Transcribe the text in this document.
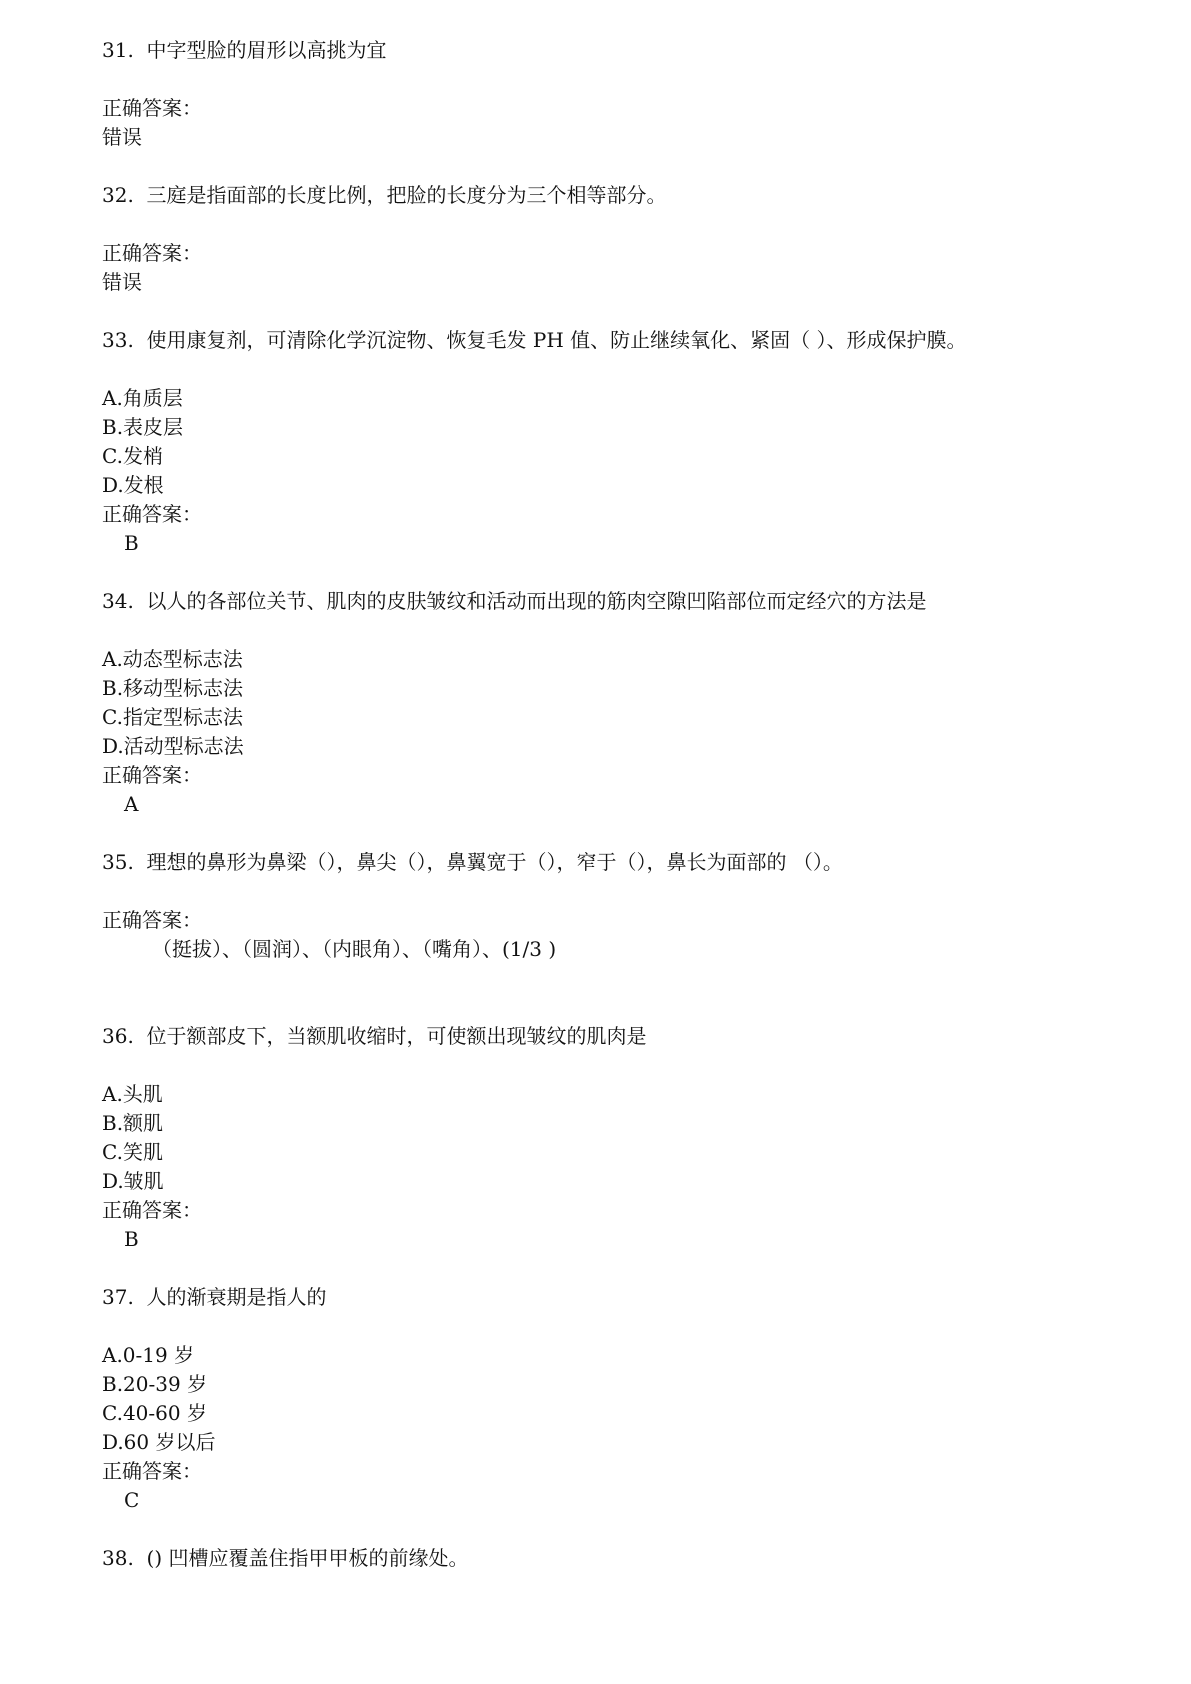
31.  中字型脸的眉形以高挑为宜
正确答案：
错误
32.  三庭是指面部的长度比例，把脸的长度分为三个相等部分。
正确答案：
错误
33.  使用康复剂，可清除化学沉淀物、恢复毛发 PH 值、防止继续氧化、紧固（ ）、形成保护膜。
A.角质层
B.表皮层
C.发梢
D.发根
正确答案：
B
34.  以人的各部位关节、肌肉的皮肤皱纹和活动而出现的筋肉空隙凹陷部位而定经穴的方法是
A.动态型标志法
B.移动型标志法
C.指定型标志法
D.活动型标志法
正确答案：
A
35.  理想的鼻形为鼻梁（），鼻尖（），鼻翼宽于（），窄于（），鼻长为面部的 （）。
正确答案：
（挺拔）、（圆润）、（内眼角）、（嘴角）、(1/3 )
36.  位于额部皮下，当额肌收缩时，可使额出现皱纹的肌肉是
A.头肌
B.额肌
C.笑肌
D.皱肌
正确答案：
B
37.  人的渐衰期是指人的
A.0-19 岁
B.20-39 岁
C.40-60 岁
D.60 岁以后
正确答案：
C
38.  () 凹槽应覆盖住指甲甲板的前缘处。
